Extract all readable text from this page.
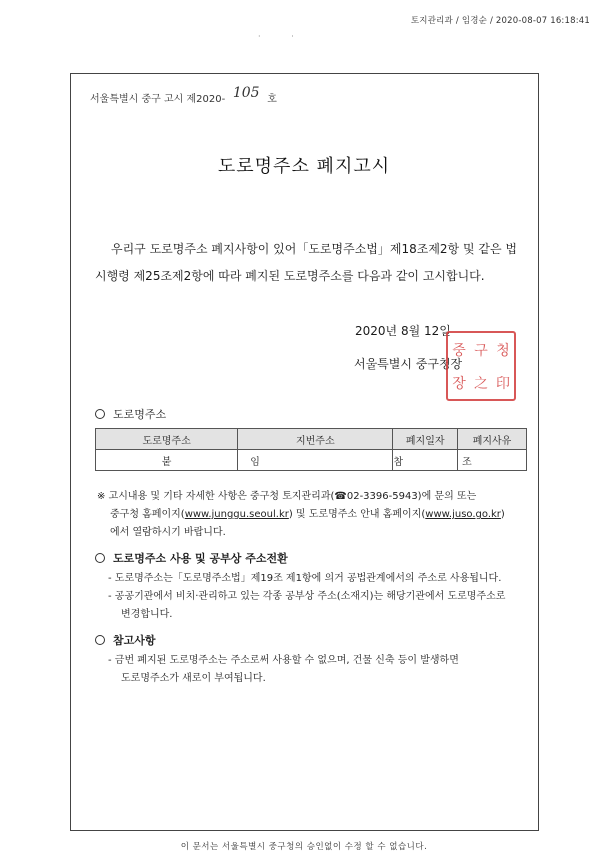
토지관리과 / 임경순 / 2020-08-07 16:18:41
· ·
서울특별시 중구 고시 제2020- 105 호
도로명주소 폐지고시
우리구 도로명주소 폐지사항이 있어「도로명주소법」제18조제2항 및 같은 법
시행령 제25조제2항에 따라 폐지된 도로명주소를 다음과 같이 고시합니다.
2020년 8월 12일
서울특별시 중구청장
중 구 청
장 之 印
도로명주소
도로명주소	지번주소	폐지일자	폐지사유
붙	임	참	조
※ 고시내용 및 기타 자세한 사항은 중구청 토지관리과(☎02-3396-5943)에 문의 또는
중구청 홈페이지(www.junggu.seoul.kr) 및 도로명주소 안내 홈페이지(www.juso.go.kr)
에서 열람하시기 바랍니다.
도로명주소 사용 및 공부상 주소전환
- 도로명주소는「도로명주소법」제19조 제1항에 의거 공법관계에서의 주소로 사용됩니다.
- 공공기관에서 비치·관리하고 있는 각종 공부상 주소(소재지)는 해당기관에서 도로명주소로
변경합니다.
참고사항
- 금번 폐지된 도로명주소는 주소로써 사용할 수 없으며, 건물 신축 등이 발생하면
도로명주소가 새로이 부여됩니다.
이 문서는 서울특별시 중구청의 승인없이 수정 할 수 없습니다.
